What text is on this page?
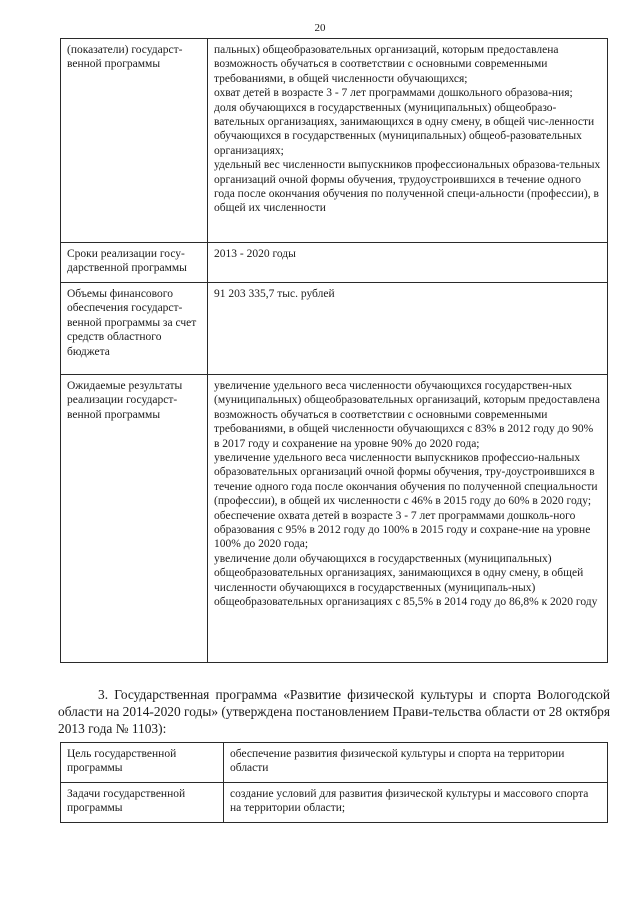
20
(показатели) государст-венной программы	пальных) общеобразовательных организаций, которым предоставлена возможность обучаться в соответствии с основными современными требованиями, в общей численности обучающихся;
охват детей в возрасте 3 - 7 лет программами дошкольного образова-ния;
доля обучающихся в государственных (муниципальных) общеобразо-вательных организациях, занимающихся в одну смену, в общей чис-ленности обучающихся в государственных (муниципальных) общеоб-разовательных организациях;
удельный вес численности выпускников профессиональных образова-тельных организаций очной формы обучения, трудоустроившихся в течение одного года после окончания обучения по полученной специ-альности (профессии), в общей их численности

Сроки реализации госу-дарственной программы	2013 - 2020 годы

Объемы финансового обеспечения государст-венной программы за счет средств областного бюджета	91 203 335,7 тыс. рублей

Ожидаемые результаты реализации государст-венной программы	увеличение удельного веса численности обучающихся государствен-ных (муниципальных) общеобразовательных организаций, которым предоставлена возможность обучаться в соответствии с основными современными требованиями, в общей численности обучающихся с 83% в 2012 году до 90% в 2017 году и сохранение на уровне 90% до 2020 года;
увеличение удельного веса численности выпускников профессио-нальных образовательных организаций очной формы обучения, тру-доустроившихся в течение одного года после окончания обучения по полученной специальности (профессии), в общей их численности с 46% в 2015 году до 60% в 2020 году;
обеспечение охвата детей в возрасте 3 - 7 лет программами дошколь-ного образования с 95% в 2012 году до 100% в 2015 году и сохране-ние на уровне 100% до 2020 года;
увеличение доли обучающихся в государственных (муниципальных) общеобразовательных организациях, занимающихся в одну смену, в общей численности обучающихся в государственных (муниципаль-ных) общеобразовательных организациях с 85,5% в 2014 году до 86,8% к 2020 году
3. Государственная программа «Развитие физической культуры и спорта Вологодской области на 2014-2020 годы» (утверждена постановлением Прави-тельства области от 28 октября 2013 года № 1103):
Цель государственной программы	обеспечение развития физической культуры и спорта на территории области

Задачи государственной программы	создание условий для развития физической культуры и массового спорта на территории области;
